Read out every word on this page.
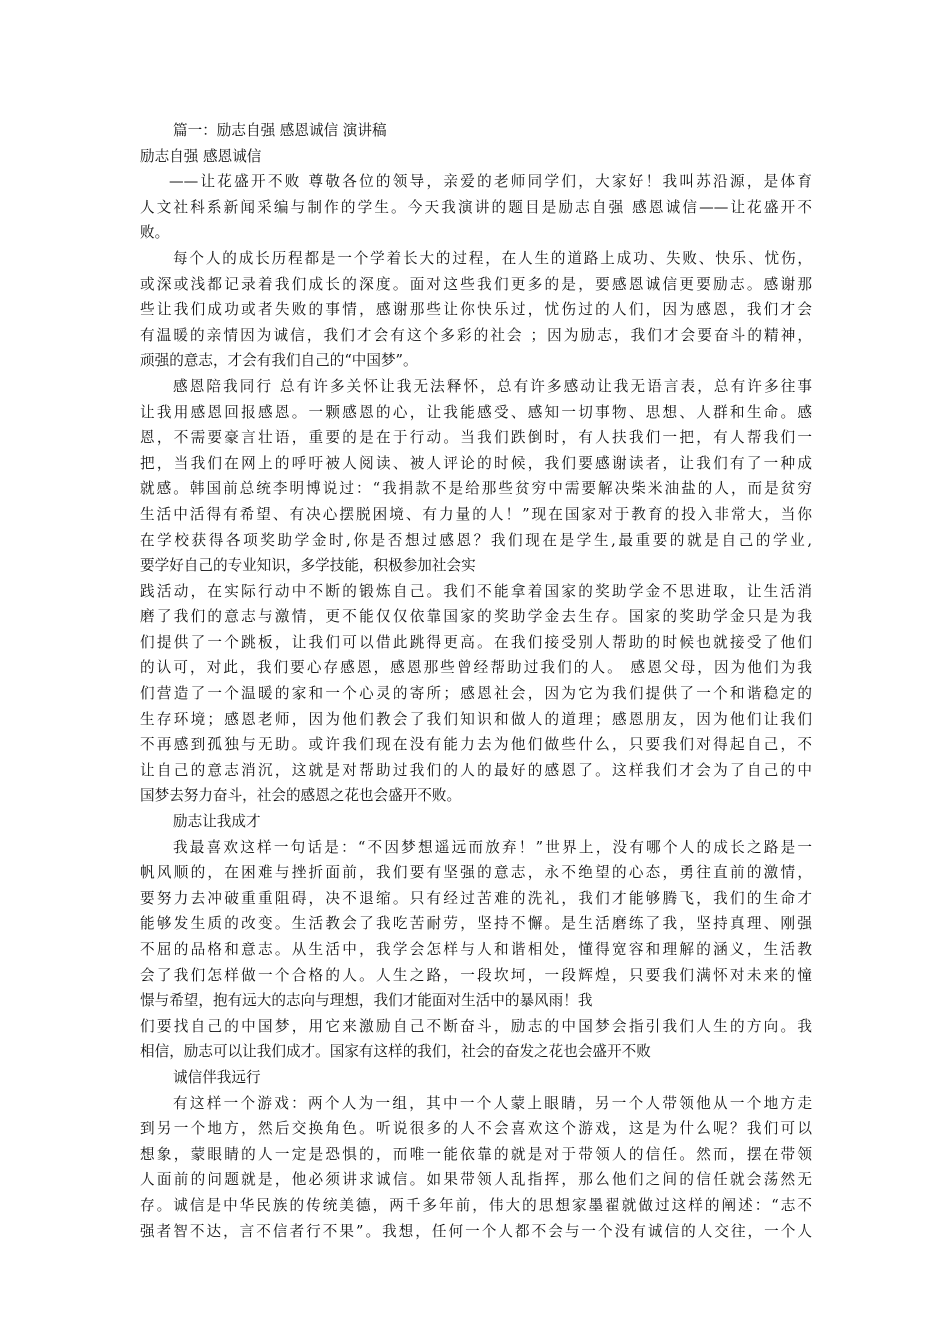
篇一：励志自强 感恩诚信 演讲稿
励志自强 感恩诚信
——让花盛开不败 尊敬各位的领导，亲爱的老师同学们，大家好！我叫苏沿源，是体育
人文社科系新闻采编与制作的学生。今天我演讲的题目是励志自强 感恩诚信——让花盛开不
败。
每个人的成长历程都是一个学着长大的过程，在人生的道路上成功、失败、快乐、忧伤，
或深或浅都记录着我们成长的深度。面对这些我们更多的是，要感恩诚信更要励志。感谢那
些让我们成功或者失败的事情，感谢那些让你快乐过，忧伤过的人们，因为感恩，我们才会
有温暖的亲情因为诚信，我们才会有这个多彩的社会 ；因为励志，我们才会要奋斗的精神，
顽强的意志，才会有我们自己的“中国梦”。
感恩陪我同行 总有许多关怀让我无法释怀，总有许多感动让我无语言表，总有许多往事
让我用感恩回报感恩。一颗感恩的心，让我能感受、感知一切事物、思想、人群和生命。感
恩，不需要豪言壮语，重要的是在于行动。当我们跌倒时，有人扶我们一把，有人帮我们一
把，当我们在网上的呼吁被人阅读、被人评论的时候，我们要感谢读者，让我们有了一种成
就感。韩国前总统李明博说过：“我捐款不是给那些贫穷中需要解决柴米油盐的人，而是贫穷
生活中活得有希望、有决心摆脱困境、有力量的人！”现在国家对于教育的投入非常大，当你
在学校获得各项奖助学金时,你是否想过感恩？我们现在是学生,最重要的就是自己的学业,
要学好自己的专业知识，多学技能，积极参加社会实
践活动，在实际行动中不断的锻炼自己。我们不能拿着国家的奖助学金不思进取，让生活消
磨了我们的意志与激情，更不能仅仅依靠国家的奖助学金去生存。国家的奖助学金只是为我
们提供了一个跳板，让我们可以借此跳得更高。在我们接受别人帮助的时候也就接受了他们
的认可，对此，我们要心存感恩，感恩那些曾经帮助过我们的人。 感恩父母，因为他们为我
们营造了一个温暖的家和一个心灵的寄所；感恩社会，因为它为我们提供了一个和谐稳定的
生存环境；感恩老师，因为他们教会了我们知识和做人的道理；感恩朋友，因为他们让我们
不再感到孤独与无助。或许我们现在没有能力去为他们做些什么，只要我们对得起自己，不
让自己的意志消沉，这就是对帮助过我们的人的最好的感恩了。这样我们才会为了自己的中
国梦去努力奋斗，社会的感恩之花也会盛开不败。
励志让我成才
我最喜欢这样一句话是：“不因梦想遥远而放弃！”世界上，没有哪个人的成长之路是一
帆风顺的，在困难与挫折面前，我们要有坚强的意志，永不绝望的心态，勇往直前的激情，
要努力去冲破重重阻碍，决不退缩。只有经过苦难的洗礼，我们才能够腾飞，我们的生命才
能够发生质的改变。生活教会了我吃苦耐劳，坚持不懈。是生活磨练了我，坚持真理、刚强
不屈的品格和意志。从生活中，我学会怎样与人和谐相处，懂得宽容和理解的涵义，生活教
会了我们怎样做一个合格的人。人生之路，一段坎坷，一段辉煌，只要我们满怀对未来的憧
憬与希望，抱有远大的志向与理想，我们才能面对生活中的暴风雨！我
们要找自己的中国梦，用它来激励自己不断奋斗，励志的中国梦会指引我们人生的方向。我
相信，励志可以让我们成才。国家有这样的我们，社会的奋发之花也会盛开不败
诚信伴我远行
有这样一个游戏：两个人为一组，其中一个人蒙上眼睛，另一个人带领他从一个地方走
到另一个地方，然后交换角色。听说很多的人不会喜欢这个游戏，这是为什么呢？我们可以
想象，蒙眼睛的人一定是恐惧的，而唯一能依靠的就是对于带领人的信任。然而，摆在带领
人面前的问题就是，他必须讲求诚信。如果带领人乱指挥，那么他们之间的信任就会荡然无
存。诚信是中华民族的传统美德，两千多年前，伟大的思想家墨翟就做过这样的阐述：“志不
强者智不达，言不信者行不果”。我想，任何一个人都不会与一个没有诚信的人交往，一个人
